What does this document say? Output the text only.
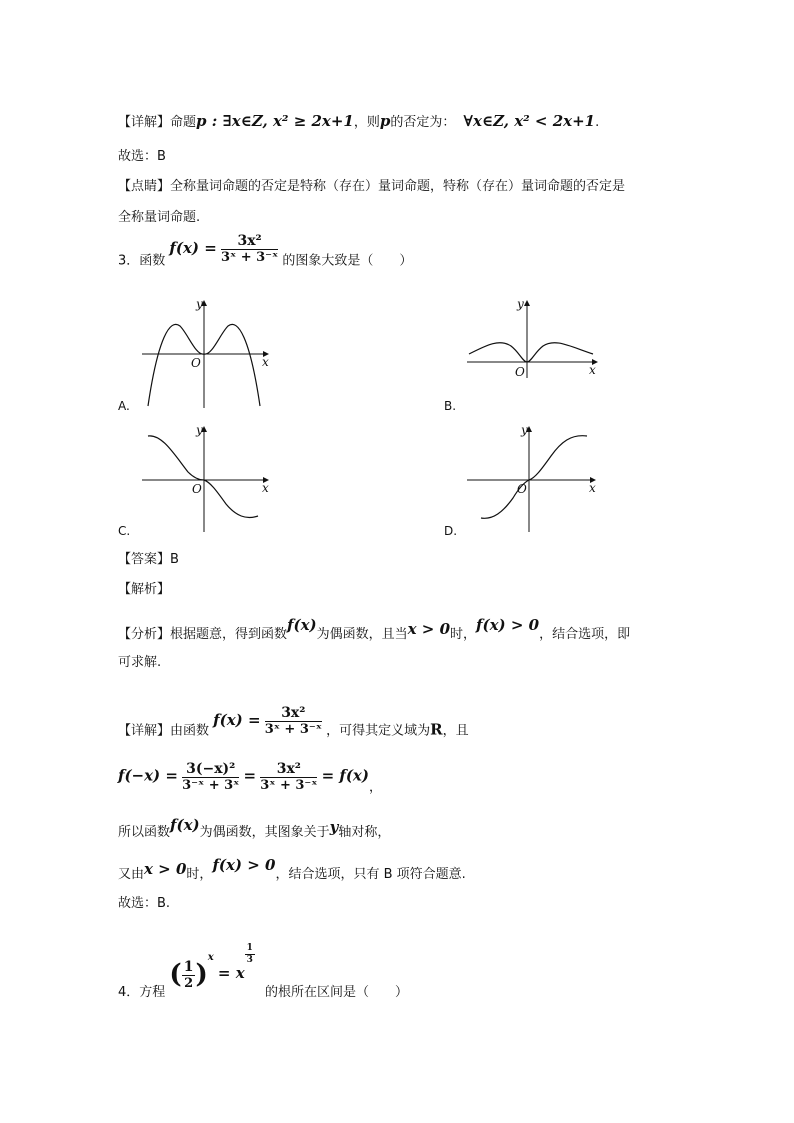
【详解】命题p : ∃x∈Z, x² ≥ 2x+1，则p的否定为： ∀x∈Z, x² < 2x+1.
故选：B
【点睛】全称量词命题的否定是特称（存在）量词命题，特称（存在）量词命题的否定是
全称量词命题.
3．函数 $f(x) = \frac{\text{3x²}}{\text{3ˣ + 3⁻ˣ}}$ 的图象大致是（　　）
y
x
O
A.
y
x
O
B.
y
x
O
C.
y
x
O
D.
【答案】B
【解析】
【分析】根据题意，得到函数f(x)为偶函数，且当x > 0时，f(x) > 0，结合选项，即
可求解.
【详解】由函数 $f(x) = \frac{\text{3x²}}{\text{3ˣ + 3⁻ˣ}}$ ，可得其定义域为R，且
$f(-x) = \frac{\text{3(−x)²}}{\text{3⁻ˣ + 3ˣ}} = \frac{\text{3x²}}{\text{3ˣ + 3⁻ˣ}} = f(x)$，
所以函数f(x)为偶函数，其图象关于y轴对称，
又由x > 0时，f(x) > 0，结合选项，只有 B 项符合题意.
故选：B.
4．方程 ( $\frac{1}{2} )^x = x$
$\frac{1}{3}$
的根所在区间是（　　）
